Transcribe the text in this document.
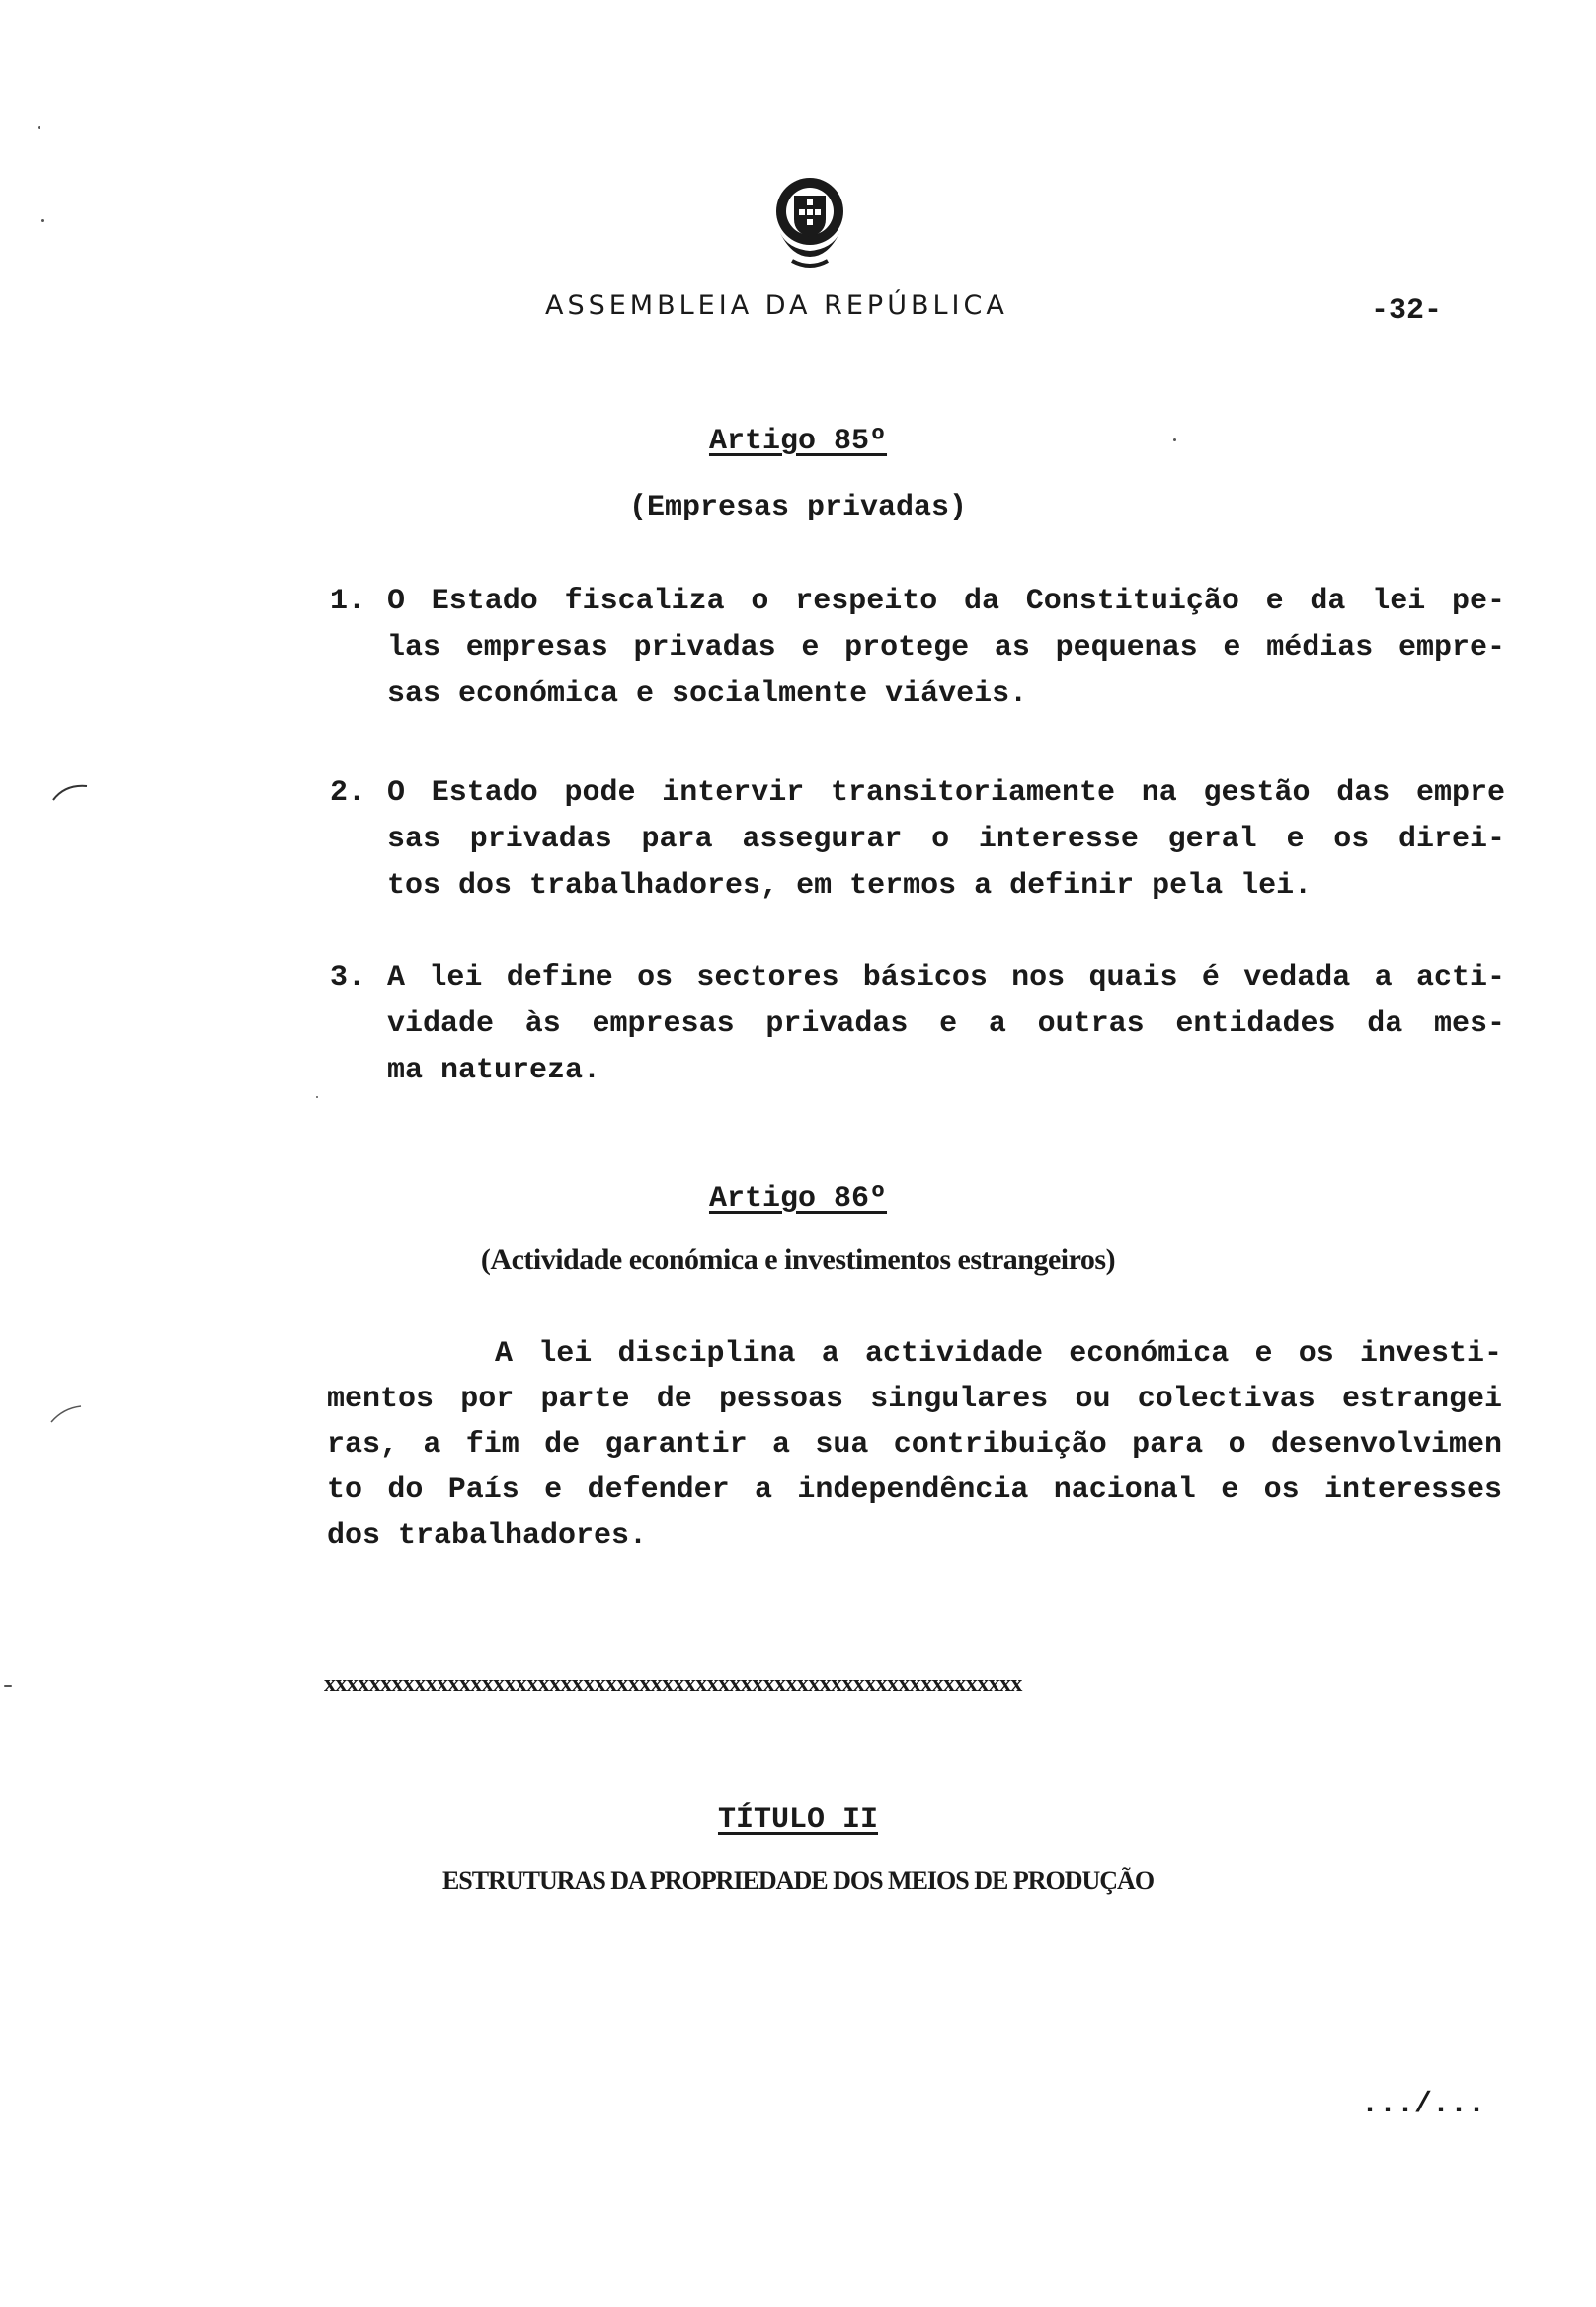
ASSEMBLEIA DA REPÚBLICA	-32-
Artigo 85º
(Empresas privadas)
1. O Estado fiscaliza o respeito da Constituição e da lei pe-
las empresas privadas e protege as pequenas e médias empre-
sas económica e socialmente viáveis.
2. O Estado pode intervir transitoriamente na gestão das empre
sas privadas para assegurar o interesse geral e os direi-
tos dos trabalhadores, em termos a definir pela lei.
3. A lei define os sectores básicos nos quais é vedada a acti-
vidade às empresas privadas e a outras entidades da mes-
ma natureza.
Artigo 86º
(Actividade económica e investimentos estrangeiros)
A lei disciplina a actividade económica e os investi-
mentos por parte de pessoas singulares ou colectivas estrangei
ras, a fim de garantir a sua contribuição para o desenvolvimen
to do País e defender a independência nacional e os interesses
dos trabalhadores.
xxxxxxxxxxxxxxxxxxxxxxxxxxxxxxxxxxxxxxxxxxxxxxxxxxxxxxxxxxxxxx
TÍTULO II
ESTRUTURAS DA PROPRIEDADE DOS MEIOS DE PRODUÇÃO
.../...
